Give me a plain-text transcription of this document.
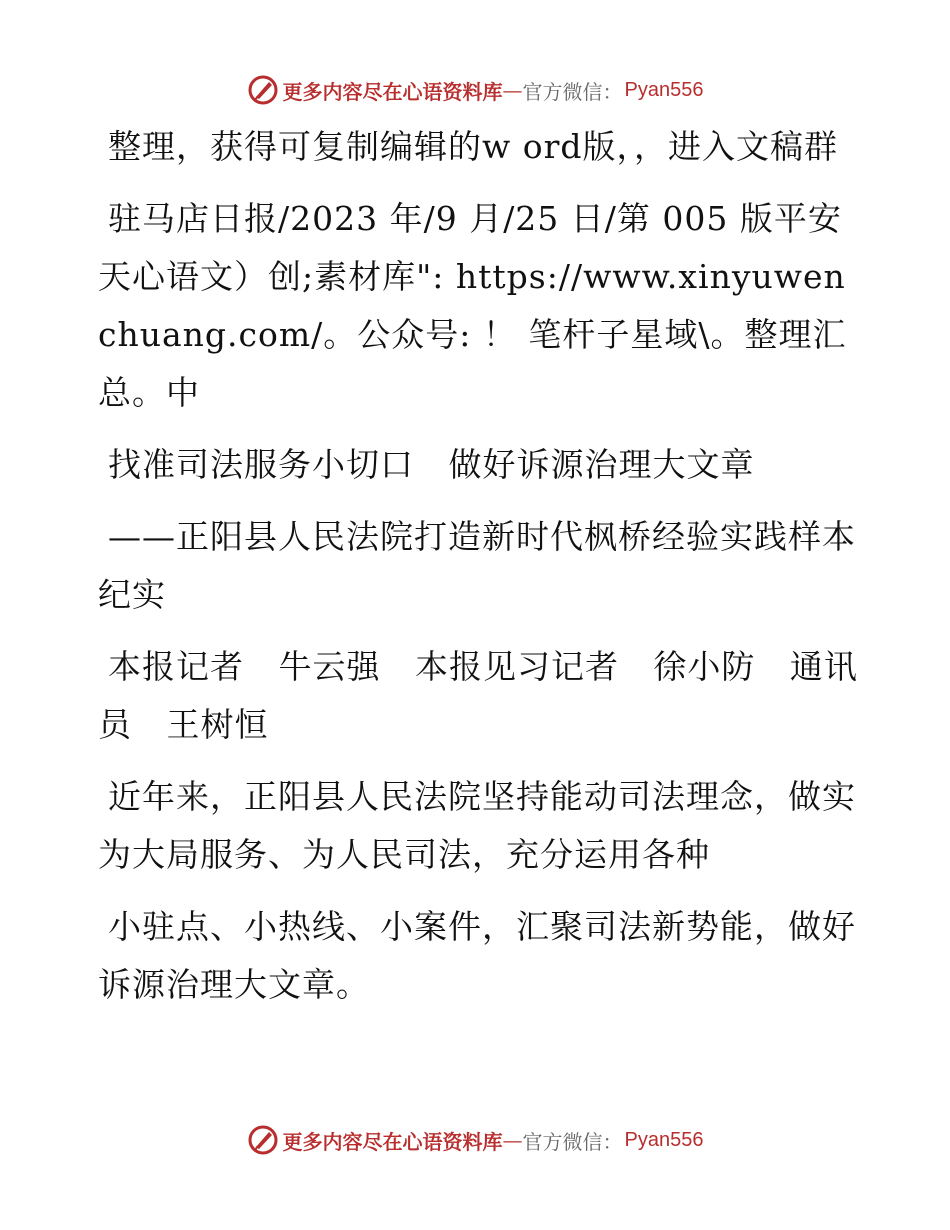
更多内容尽在心语资料库 — 官方微信： Pyan556

整理，获得可复制编辑的w ord版，，进入文稿群

驻马店日报/2023 年/9 月/25 日/第 005 版平安天心语文）创;素材库": https://www.xinyuwenchuang.com/。公众号: ！ 笔杆子星域\。整理汇总。中

找准司法服务小切口   做好诉源治理大文章

——正阳县人民法院打造新时代枫桥经验实践样本纪实

本报记者   牛云强   本报见习记者   徐小防   通讯员   王树恒

近年来，正阳县人民法院坚持能动司法理念，做实为大局服务、为人民司法，充分运用各种

小驻点、小热线、小案件，汇聚司法新势能，做好诉源治理大文章。

更多内容尽在心语资料库 — 官方微信： Pyan556
